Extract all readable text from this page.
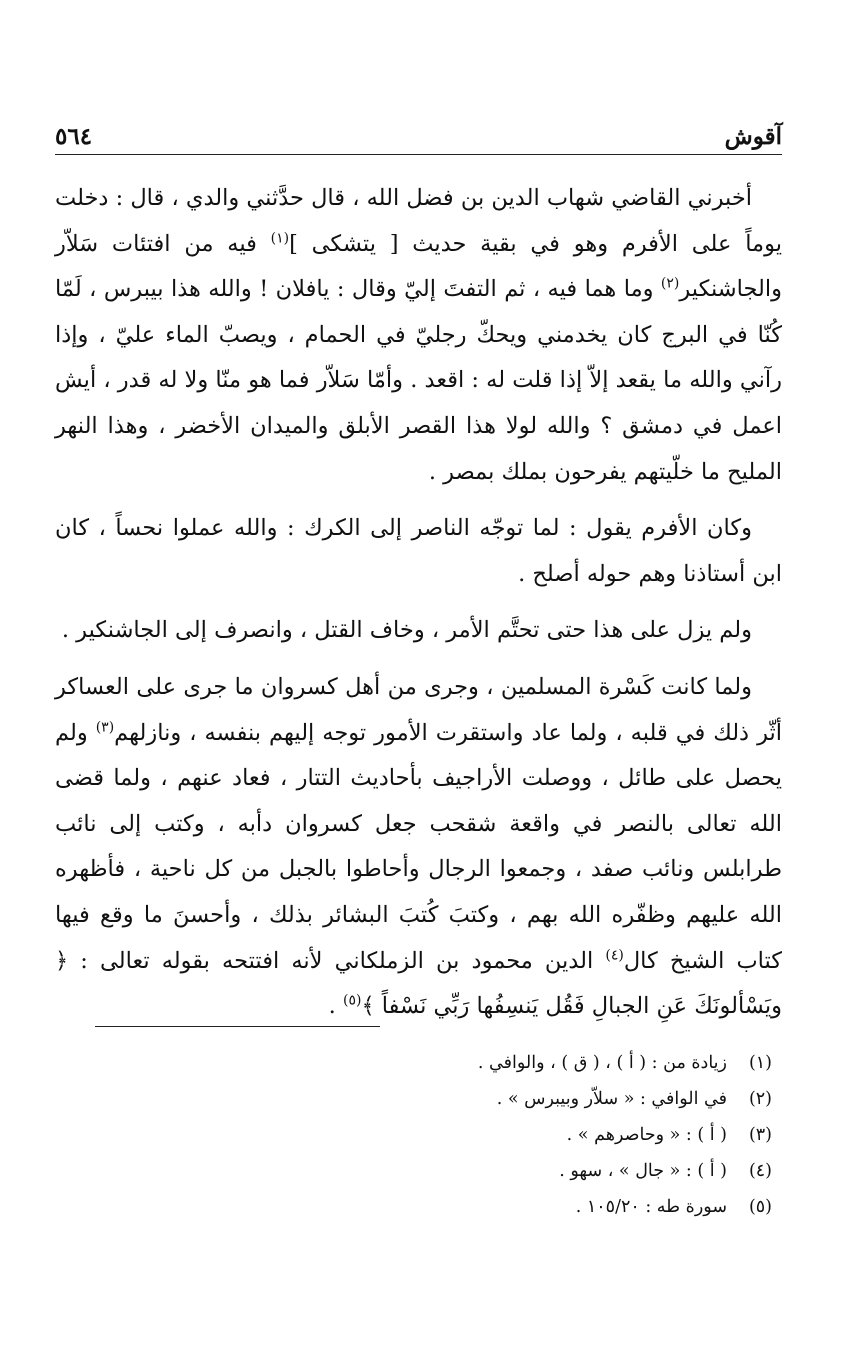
آقوش
٥٦٤

أخبرني القاضي شهاب الدين بن فضل الله ، قال حدَّثني والدي ، قال : دخلت يوماً على الأفرم وهو في بقية حديث [ يتشكى ]$^{(١)}$ فيه من افتئات سَلاّر والجاشنكير$^{(٢)}$ وما هما فيه ، ثم التفتَ إليّ وقال : يافلان ! والله هذا بيبرس ، لَمّا كُنّا في البرج كان يخدمني ويحكّ رجليّ في الحمام ، ويصبّ الماء عليّ ، وإذا رآني والله ما يقعد إلاّ إذا قلت له : اقعد . وأمّا سَلاّر فما هو منّا ولا له قدر ، أيش اعمل في دمشق ؟ والله لولا هذا القصر الأبلق والميدان الأخضر ، وهذا النهر المليح ما خلّيتهم يفرحون بملك بمصر .

وكان الأفرم يقول : لما توجّه الناصر إلى الكرك : والله عملوا نحساً ، كان ابن أستاذنا وهم حوله أصلح .

ولم يزل على هذا حتى تحتَّم الأمر ، وخاف القتل ، وانصرف إلى الجاشنكير .

ولما كانت كَسْرة المسلمين ، وجرى من أهل كسروان ما جرى على العساكر أثّر ذلك في قلبه ، ولما عاد واستقرت الأمور توجه إليهم بنفسه ، ونازلهم$^{(٣)}$ ولم يحصل على طائل ، ووصلت الأراجيف بأحاديث التتار ، فعاد عنهم ، ولما قضى الله تعالى بالنصر في واقعة شقحب جعل كسروان دأبه ، وكتب إلى نائب طرابلس ونائب صفد ، وجمعوا الرجال وأحاطوا بالجبل من كل ناحية ، فأظهره الله عليهم وظفّره الله بهم ، وكتبَ كُتبَ البشائر بذلك ، وأحسنَ ما وقع فيها كتاب الشيخ كال$^{(٤)}$ الدين محمود بن الزملكاني لأنه افتتحه بقوله تعالى : ﴿ ويَسْألونَكَ عَنِ الجبالِ فَقُل يَنسِفُها رَبِّي نَسْفاً ﴾$^{(٥)}$ .

(١)
زيادة من : ( أ ) ، ( ق ) ، والوافي .
(٢)
في الوافي : « سلاّر وبيبرس » .
(٣)
( أ ) : « وحاصرهم » .
(٤)
( أ ) : « جال » ، سهو .
(٥)
سورة طه : ١٠٥/٢٠ .
